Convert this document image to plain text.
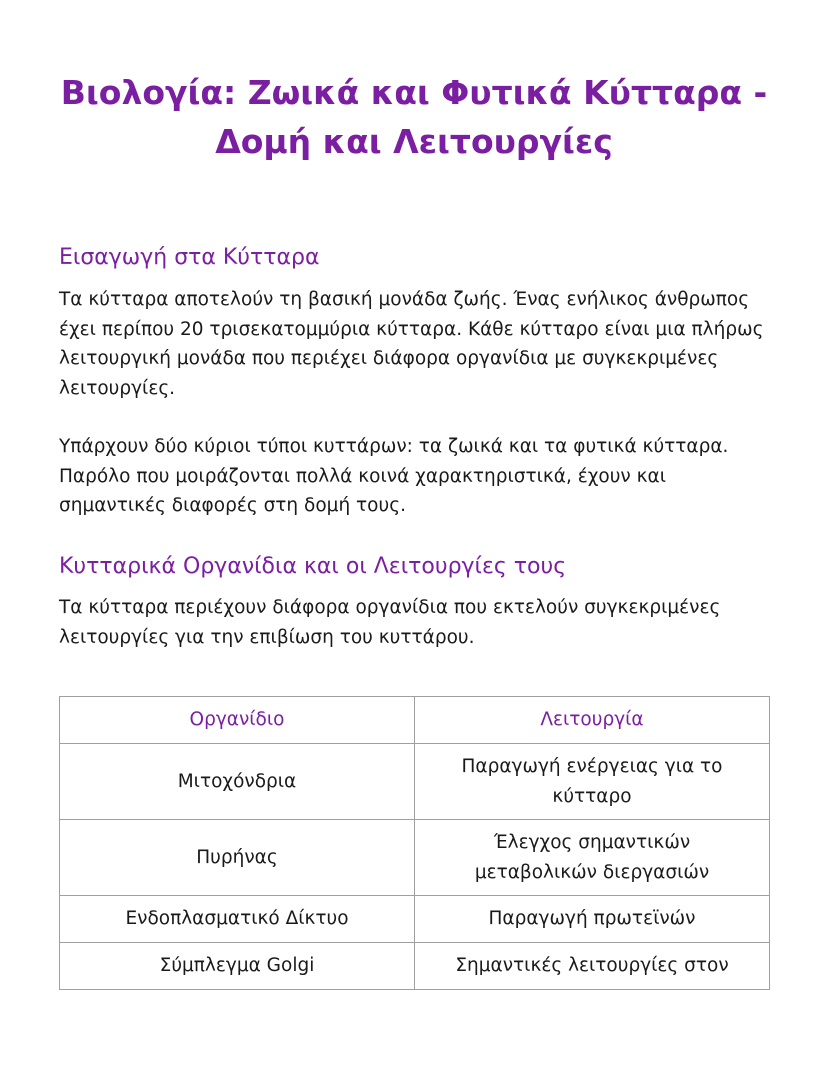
Βιολογία: Ζωικά και Φυτικά Κύτταρα - Δομή και Λειτουργίες
Εισαγωγή στα Κύτταρα

Τα κύτταρα αποτελούν τη βασική μονάδα ζωής. Ένας ενήλικος άνθρωπος έχει περίπου 20 τρισεκατομμύρια κύτταρα. Κάθε κύτταρο είναι μια πλήρως λειτουργική μονάδα που περιέχει διάφορα οργανίδια με συγκεκριμένες λειτουργίες.

Υπάρχουν δύο κύριοι τύποι κυττάρων: τα ζωικά και τα φυτικά κύτταρα. Παρόλο που μοιράζονται πολλά κοινά χαρακτηριστικά, έχουν και σημαντικές διαφορές στη δομή τους.

Κυτταρικά Οργανίδια και οι Λειτουργίες τους

Τα κύτταρα περιέχουν διάφορα οργανίδια που εκτελούν συγκεκριμένες λειτουργίες για την επιβίωση του κυττάρου.

Οργανίδιο	Λειτουργία
Μιτοχόνδρια	Παραγωγή ενέργειας για το κύτταρο
Πυρήνας	Έλεγχος σημαντικών μεταβολικών διεργασιών
Ενδοπλασματικό Δίκτυο	Παραγωγή πρωτεϊνών
Σύμπλεγμα Golgi	Σημαντικές λειτουργίες στον
